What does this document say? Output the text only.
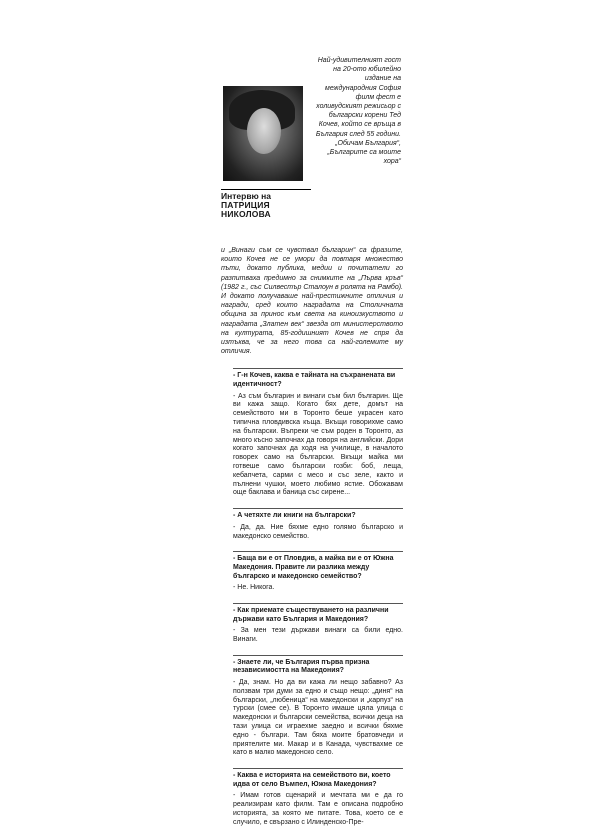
Интервю на
ПАТРИЦИЯ НИКОЛОВА
Най-удивителният гост на 20-ото юбилейно издание на международния София филм фест е холивудският режисьор с български корени Тед Кочев, който се връща в България след 55 години. „Обичам България“, „Българите са моите хора“

и „Винаги съм се чувствал българин“ са фразите, които Кочев не се умори да повтаря множество пъти, докато публика, медии и почитатели го разпитваха предимно за снимките на „Първа кръв“ (1982 г., със Силвестър Сталоун в ролята на Рамбо). И докато получаваше най-престижните отличия и награди, сред които наградата на Столичната община за принос към света на киноизкуството и наградата „Златен век“ звезда от министерството на културата, 85-годишният Кочев не спря да изтъква, че за него това са най-големите му отличия.

- Г-н Кочев, каква е тайната на съхранената ви идентичност?
- Аз съм българин и винаги съм бил българин. Ще ви кажа защо. Когато бях дете, домът на семейството ми в Торонто беше украсен като типична пловдивска къща. Вкъщи говорихме само на български. Въпреки че съм роден в Торонто, аз много късно започнах да говоря на английски. Дори когато започнах да ходя на училище, в началото говорех само на български. Вкъщи майка ми готвеше само български гозби: боб, леща, кебапчета, сарми с месо и със зеле, както и пълнени чушки, моето любимо ястие. Обожавам още баклава и баница със сирене...
- А четяхте ли книги на български?
- Да, да. Ние бяхме едно голямо българско и македонско семейство.
- Баща ви е от Пловдив, а майка ви е от Южна Македония. Правите ли разлика между българско и македонско семейство?
- Не. Никога.
- Как приемате съществуването на различни държави като България и Македония?
- За мен тези държави винаги са били едно. Винаги.
- Знаете ли, че България първа призна независимостта на Македония?
- Да, знам. Но да ви кажа ли нещо забавно? Аз ползвам три думи за едно и също нещо: „диня“ на български, „любеница“ на македонски и „карпуз“ на турски (смее се). В Торонто имаше цяла улица с македонски и български семейства, всички деца на тази улица си играехме заедно и всички бяхме едно - българи. Там бяха моите братовчеди и приятелите ми. Макар и в Канада, чувствахме се като в малко македонско село.
- Каква е историята на семейството ви, което идва от село Въмпел, Южна Македония?
- Имам готов сценарий и мечтата ми е да го реализирам като филм. Там е описана подробно историята, за която ме питате. Това, което се е случило, е свързано с Илинденско-Пре-
